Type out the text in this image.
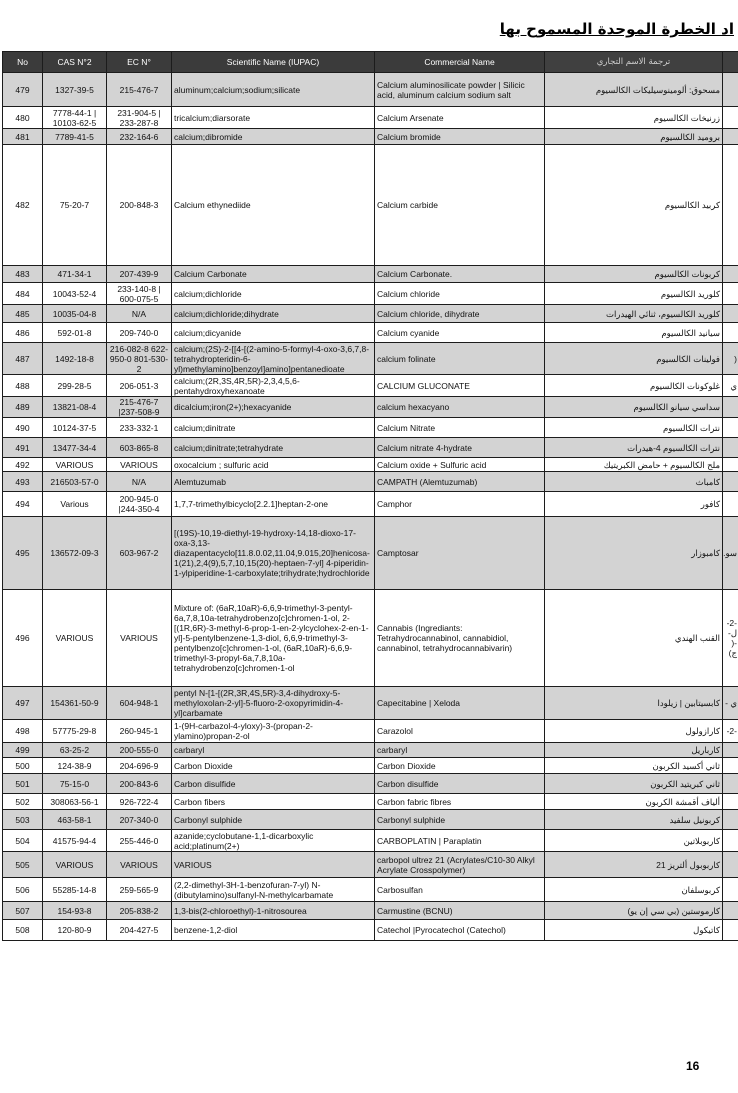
اد الخطرة الموحدة المسموح بها
No	CAS N°2	EC N°	Scientific Name (IUPAC)	Commercial Name	ترجمة الاسم التجاري	
479	1327-39-5	215-476-7	aluminum;calcium;sodium;silicate	Calcium aluminosilicate powder | Silicic acid, aluminum calcium sodium salt	مسحوق: ألومينوسيليكات الكالسيوم	
480	7778-44-1 | 10103-62-5	231-904-5 | 233-287-8	tricalcium;diarsorate	Calcium Arsenate	زرنيخات الكالسيوم	
481	7789-41-5	232-164-6	calcium;dibromide	Calcium bromide	بروميد الكالسيوم	
482	75-20-7	200-848-3	Calcium ethynediide	Calcium carbide	كربيد الكالسيوم	
483	471-34-1	207-439-9	Calcium Carbonate	Calcium Carbonate.	كربونات الكالسيوم	
484	10043-52-4	233-140-8 | 600-075-5	calcium;dichloride	Calcium chloride	كلوريد الكالسيوم	
485	10035-04-8	N/A	calcium;dichloride;dihydrate	Calcium chloride, dihydrate	كلوريد الكالسيوم، ثنائي الهيدرات	
486	592-01-8	209-740-0	calcium;dicyanide	Calcium cyanide	سيانيد الكالسيوم	
487	1492-18-8	216-082-8 622-950-0 801-530-2	calcium;(2S)-2-[[4-[(2-amino-5-formyl-4-oxo-3,6,7,8-tetrahydropteridin-6-yl)methylamino]benzoyl]amino]pentanedioate	calcium folinate	فولينات الكالسيوم	(
488	299-28-5	206-051-3	calcium;(2R,3S,4R,5R)-2,3,4,5,6-pentahydroxyhexanoate	CALCIUM GLUCONATE	غلوكونات الكالسيوم	ي
489	13821-08-4	215-476-7 |237-508-9	dicalcium;iron(2+);hexacyanide	calcium hexacyano	سداسي سيانو الكالسيوم	
490	10124-37-5	233-332-1	calcium;dinitrate	Calcium Nitrate	نترات الكالسيوم	
491	13477-34-4	603-865-8	calcium;dinitrate;tetrahydrate	Calcium nitrate 4-hydrate	نترات الكالسيوم 4-هيدرات	
492	VARIOUS	VARIOUS	oxocalcium ; sulfuric acid	Calcium oxide + Sulfuric acid	ملح الكالسيوم + حامض الكبريتيك	
493	216503-57-0	N/A	Alemtuzumab	CAMPATH (Alemtuzumab)	كامباث	
494	Various	200-945-0 |244-350-4	1,7,7-trimethylbicyclo[2.2.1]heptan-2-one	Camphor	كافور	
495	136572-09-3	603-967-2	[(19S)-10,19-diethyl-19-hydroxy-14,18-dioxo-17-oxa-3,13-diazapentacyclo[11.8.0.02,11.04,9.015,20]henicosa-1(21),2,4(9),5,7,10,15(20)-heptaen-7-yl] 4-piperidin-1-ylpiperidine-1-carboxylate;trihydrate;hydrochloride	Camptosar	كامبوزار	سو.
496	VARIOUS	VARIOUS	Mixture of: (6aR,10aR)-6,6,9-trimethyl-3-pentyl-6a,7,8,10a-tetrahydrobenzo[c]chromen-1-ol, 2-[(1R,6R)-3-methyl-6-prop-1-en-2-ylcyclohex-2-en-1-yl]-5-pentylbenzene-1,3-diol, 6,6,9-trimethyl-3-pentylbenzo[c]chromen-1-ol, (6aR,10aR)-6,6,9-trimethyl-3-propyl-6a,7,8,10a-tetrahydrobenzo[c]chromen-1-ol	Cannabis (Ingrediants: Tetrahydrocannabinol, cannabidiol, cannabinol, tetrahydrocannabivarin)	القنب الهندي	-2- ل- -( ج)
497	154361-50-9	604-948-1	pentyl N-[1-[(2R,3R,4S,5R)-3,4-dihydroxy-5-methyloxolan-2-yl]-5-fluoro-2-oxopyrimidin-4-yl]carbamate	Capecitabine | Xeloda	كابسيتابين | زيلودا	ي -
498	57775-29-8	260-945-1	1-(9H-carbazol-4-yloxy)-3-(propan-2-ylamino)propan-2-ol	Carazolol	كارازولول	-2-
499	63-25-2	200-555-0	carbaryl	carbaryl	كارباريل	
500	124-38-9	204-696-9	Carbon Dioxide	Carbon Dioxide	ثاني أكسيد الكربون	
501	75-15-0	200-843-6	Carbon disulfide	Carbon disulfide	ثاني كبريتيد الكربون	
502	308063-56-1	926-722-4	Carbon fibers	Carbon fabric fibres	ألياف أقمشة الكربون	
503	463-58-1	207-340-0	Carbonyl sulphide	Carbonyl sulphide	كربونيل سلفيد	
504	41575-94-4	255-446-0	azanide;cyclobutane-1,1-dicarboxylic acid;platinum(2+)	CARBOPLATIN | Paraplatin	كاربوبلاتين	
505	VARIOUS	VARIOUS	VARIOUS	carbopol ultrez 21 (Acrylates/C10-30 Alkyl Acrylate Crosspolymer)	كاربوبول ألتريز 21	
506	55285-14-8	259-565-9	(2,2-dimethyl-3H-1-benzofuran-7-yl) N-(dibutylamino)sulfanyl-N-methylcarbamate	Carbosulfan	كربوسلفان	
507	154-93-8	205-838-2	1,3-bis(2-chloroethyl)-1-nitrosourea	Carmustine (BCNU)	كارموستين (بي سي إن يو)	
508	120-80-9	204-427-5	benzene-1,2-diol	Catechol |Pyrocatechol (Catechol)	كاتيكول	
16
